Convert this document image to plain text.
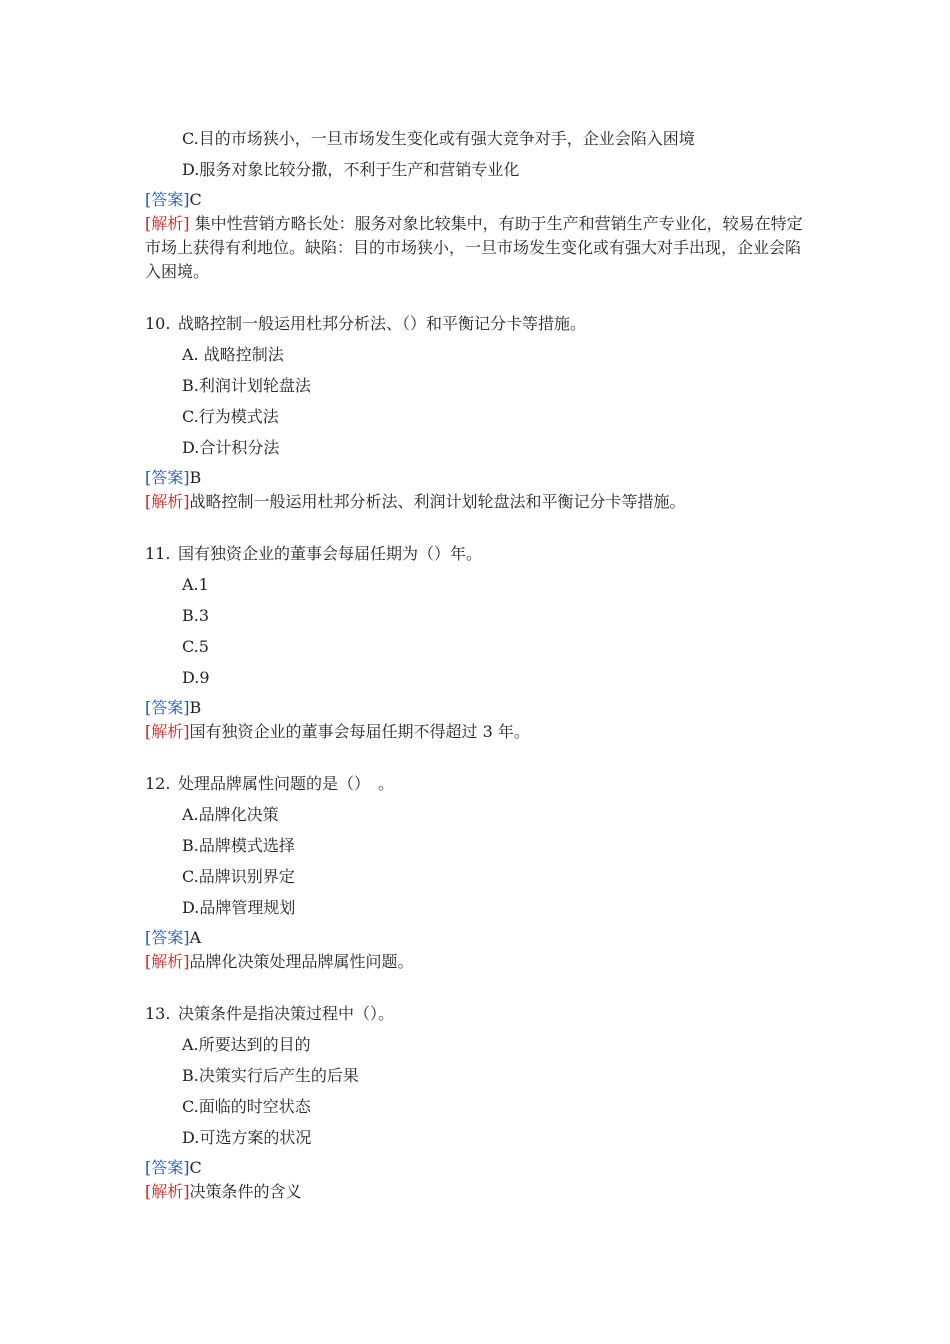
C.目的市场狭小，一旦市场发生变化或有强大竞争对手，企业会陷入困境
D.服务对象比较分撒，不利于生产和营销专业化
[答案]C
[解析] 集中性营销方略长处：服务对象比较集中，有助于生产和营销生产专业化，较易在特定市场上获得有利地位。缺陷：目的市场狭小，一旦市场发生变化或有强大对手出现，企业会陷入困境。
10. 战略控制一般运用杜邦分析法、（）和平衡记分卡等措施。
A. 战略控制法
B.利润计划轮盘法
C.行为模式法
D.合计积分法
[答案]B
[解析]战略控制一般运用杜邦分析法、利润计划轮盘法和平衡记分卡等措施。
11. 国有独资企业的董事会每届任期为（）年。
A.1
B.3
C.5
D.9
[答案]B
[解析]国有独资企业的董事会每届任期不得超过 3 年。
12. 处理品牌属性问题的是（）　。
A.品牌化决策
B.品牌模式选择
C.品牌识别界定
D.品牌管理规划
[答案]A
[解析]品牌化决策处理品牌属性问题。
13. 决策条件是指决策过程中（）。
A.所要达到的目的
B.决策实行后产生的后果
C.面临的时空状态
D.可选方案的状况
[答案]C
[解析]决策条件的含义
